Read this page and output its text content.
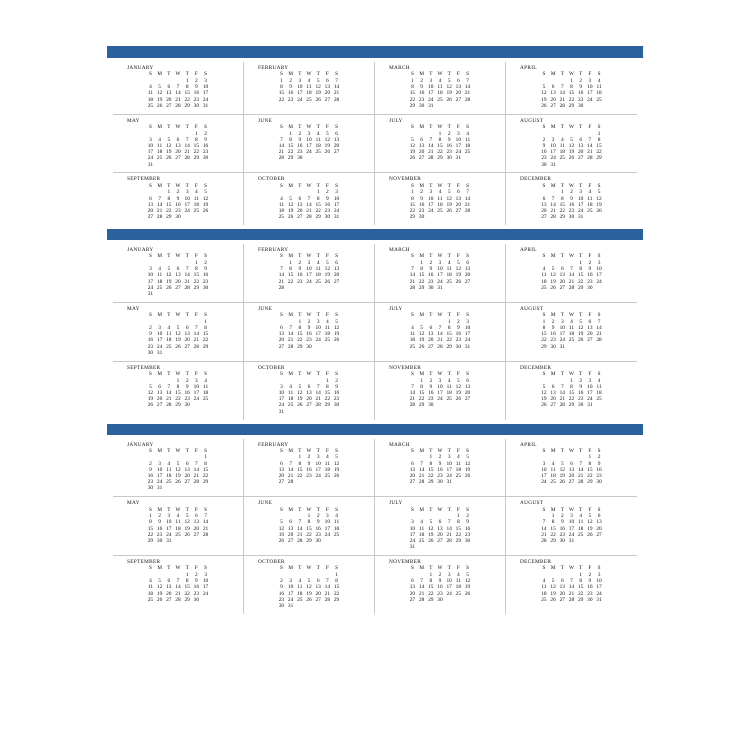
JANUARY
S	M	T	W	T	F	S
				1	2	3
4	5	6	7	8	9	10
11	12	13	14	15	16	17
18	19	20	21	22	23	24
25	26	27	28	29	30	31
FEBRUARY
S	M	T	W	T	F	S
1	2	3	4	5	6	7
8	9	10	11	12	13	14
15	16	17	18	19	20	21
22	23	24	25	26	27	28
MARCH
S	M	T	W	T	F	S
1	2	3	4	5	6	7
8	9	10	11	12	13	14
15	16	17	18	19	20	21
22	23	24	25	26	27	28
29	30	31				
APRIL
S	M	T	W	T	F	S
			1	2	3	4
5	6	7	8	9	10	11
12	13	14	15	16	17	18
19	20	21	22	23	24	25
26	27	28	29	30		
MAY
S	M	T	W	T	F	S
					1	2
3	4	5	6	7	8	9
10	11	12	13	14	15	16
17	18	19	20	21	22	23
24	25	26	27	28	29	30
31						
JUNE
S	M	T	W	T	F	S
	1	2	3	4	5	6
7	8	9	10	11	12	13
14	15	16	17	18	19	20
21	22	23	24	25	26	27
28	29	30				
JULY
S	M	T	W	T	F	S
			1	2	3	4
5	6	7	8	9	10	11
12	13	14	15	16	17	18
19	20	21	22	23	24	25
26	27	28	29	30	31	
AUGUST
S	M	T	W	T	F	S
						1
2	3	4	5	6	7	8
9	10	11	12	13	14	15
16	17	18	19	20	21	22
23	24	25	26	27	28	29
30	31					
SEPTEMBER
S	M	T	W	T	F	S
		1	2	3	4	5
6	7	8	9	10	11	12
13	14	15	16	17	18	19
20	21	22	23	24	25	26
27	28	29	30			
OCTOBER
S	M	T	W	T	F	S
				1	2	3
4	5	6	7	8	9	10
11	12	13	14	15	16	17
18	19	20	21	22	23	24
25	26	27	28	29	30	31
NOVEMBER
S	M	T	W	T	F	S
1	2	3	4	5	6	7
8	9	10	11	12	13	14
15	16	17	18	19	20	21
22	23	24	25	26	27	28
29	30					
DECEMBER
S	M	T	W	T	F	S
		1	2	3	4	5
6	7	8	9	10	11	12
13	14	15	16	17	18	19
20	21	22	23	24	25	26
27	28	29	30	31		
JANUARY
S	M	T	W	T	F	S
					1	2
3	4	5	6	7	8	9
10	11	12	13	14	15	16
17	18	19	20	21	22	23
24	25	26	27	28	29	30
31						
FEBRUARY
S	M	T	W	T	F	S
	1	2	3	4	5	6
7	8	9	10	11	12	13
14	15	16	17	18	19	20
21	22	23	24	25	26	27
28						
MARCH
S	M	T	W	T	F	S
	1	2	3	4	5	6
7	8	9	10	11	12	13
14	15	16	17	18	19	20
21	22	23	24	25	26	27
28	29	30	31			
APRIL
S	M	T	W	T	F	S
				1	2	3
4	5	6	7	8	9	10
11	12	13	14	15	16	17
18	19	20	21	22	23	24
25	26	27	28	29	30	
MAY
S	M	T	W	T	F	S
						1
2	3	4	5	6	7	8
9	10	11	12	13	14	15
16	17	18	19	20	21	22
23	24	25	26	27	28	29
30	31					
JUNE
S	M	T	W	T	F	S
		1	2	3	4	5
6	7	8	9	10	11	12
13	14	15	16	17	18	19
20	21	22	23	24	25	26
27	28	29	30			
JULY
S	M	T	W	T	F	S
				1	2	3
4	5	6	7	8	9	10
11	12	13	14	15	16	17
18	19	20	21	22	23	24
25	26	27	28	29	30	31
AUGUST
S	M	T	W	T	F	S
1	2	3	4	5	6	7
8	9	10	11	12	13	14
15	16	17	18	19	20	21
22	23	24	25	26	27	28
29	30	31				
SEPTEMBER
S	M	T	W	T	F	S
			1	2	3	4
5	6	7	8	9	10	11
12	13	14	15	16	17	18
19	20	21	22	23	24	25
26	27	28	29	30		
OCTOBER
S	M	T	W	T	F	S
					1	2
3	4	5	6	7	8	9
10	11	12	13	14	15	16
17	18	19	20	21	22	23
24	25	26	27	28	29	30
31						
NOVEMBER
S	M	T	W	T	F	S
	1	2	3	4	5	6
7	8	9	10	11	12	13
14	15	16	17	18	19	20
21	22	23	24	25	26	27
28	29	30				
DECEMBER
S	M	T	W	T	F	S
			1	2	3	4
5	6	7	8	9	10	11
12	13	14	15	16	17	18
19	20	21	22	23	24	25
26	27	28	29	30	31	
JANUARY
S	M	T	W	T	F	S
						1
2	3	4	5	6	7	8
9	10	11	12	13	14	15
16	17	18	19	20	21	22
23	24	25	26	27	28	29
30	31					
FEBRUARY
S	M	T	W	T	F	S
		1	2	3	4	5
6	7	8	9	10	11	12
13	14	15	16	17	18	19
20	21	22	23	24	25	26
27	28					
MARCH
S	M	T	W	T	F	S
		1	2	3	4	5
6	7	8	9	10	11	12
13	14	15	16	17	18	19
20	21	22	23	24	25	26
27	28	29	30	31		
APRIL
S	M	T	W	T	F	S
					1	2
3	4	5	6	7	8	9
10	11	12	13	14	15	16
17	18	19	20	21	22	23
24	25	26	27	28	29	30
MAY
S	M	T	W	T	F	S
1	2	3	4	5	6	7
8	9	10	11	12	13	14
15	16	17	18	19	20	21
22	23	24	25	26	27	28
29	30	31				
JUNE
S	M	T	W	T	F	S
			1	2	3	4
5	6	7	8	9	10	11
12	13	14	15	16	17	18
19	20	21	22	23	24	25
26	27	28	29	30		
JULY
S	M	T	W	T	F	S
					1	2
3	4	5	6	7	8	9
10	11	12	13	14	15	16
17	18	19	20	21	22	23
24	25	26	27	28	29	30
31						
AUGUST
S	M	T	W	T	F	S
	1	2	3	4	5	6
7	8	9	10	11	12	13
14	15	16	17	18	19	20
21	22	23	24	25	26	27
28	29	30	31			
SEPTEMBER
S	M	T	W	T	F	S
				1	2	3
4	5	6	7	8	9	10
11	12	13	14	15	16	17
18	19	20	21	22	23	24
25	26	27	28	29	30	
OCTOBER
S	M	T	W	T	F	S
						1
2	3	4	5	6	7	8
9	10	11	12	13	14	15
16	17	18	19	20	21	22
23	24	25	26	27	28	29
30	31					
NOVEMBER
S	M	T	W	T	F	S
		1	2	3	4	5
6	7	8	9	10	11	12
13	14	15	16	17	18	19
20	21	22	23	24	25	26
27	28	29	30			
DECEMBER
S	M	T	W	T	F	S
				1	2	3
4	5	6	7	8	9	10
11	12	13	14	15	16	17
18	19	20	21	22	23	24
25	26	27	28	29	30	31
